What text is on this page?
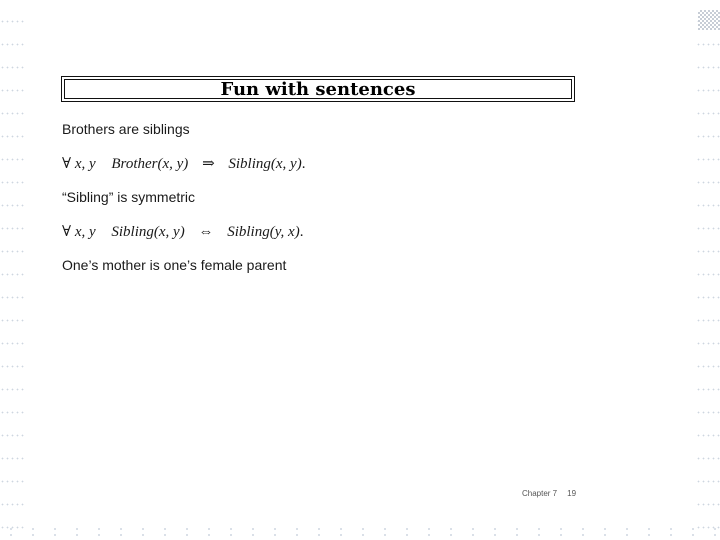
Fun with sentences
Brothers are siblings
∀ x, y Brother(x, y) ⇒ Sibling(x, y).
“Sibling” is symmetric
∀ x, y Sibling(x, y) ⇔ Sibling(y, x).
One’s mother is one’s female parent
Chapter 7 19
